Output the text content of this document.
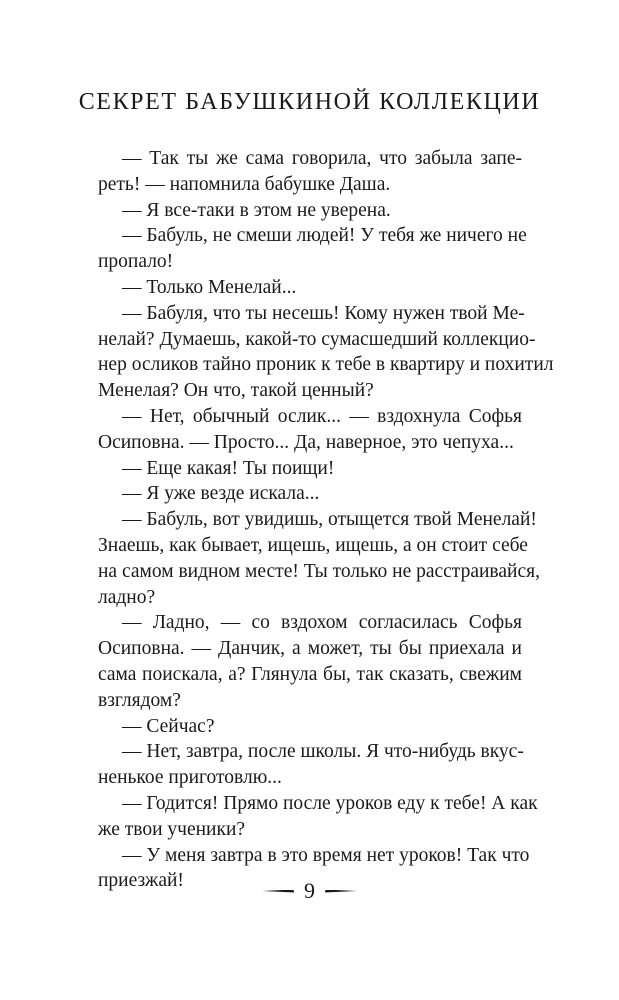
СЕКРЕТ БАБУШКИНОЙ КОЛЛЕКЦИИ
— Так ты же сама говорила, что забыла запе-
реть! — напомнила бабушке Даша.
— Я все-таки в этом не уверена.
— Бабуль, не смеши людей! У тебя же ничего не
пропало!
— Только Менелай...
— Бабуля, что ты несешь! Кому нужен твой Ме-
нелай? Думаешь, какой-то сумасшедший коллекцио-
нер осликов тайно проник к тебе в квартиру и похитил
Менелая? Он что, такой ценный?
— Нет, обычный ослик... — вздохнула Софья
Осиповна. — Просто... Да, наверное, это чепуха...
— Еще какая! Ты поищи!
— Я уже везде искала...
— Бабуль, вот увидишь, отыщется твой Менелай!
Знаешь, как бывает, ищешь, ищешь, а он стоит себе
на самом видном месте! Ты только не расстраивайся,
ладно?
— Ладно, — со вздохом согласилась Софья
Осиповна. — Данчик, а может, ты бы приехала и
сама поискала, а? Глянула бы, так сказать, свежим
взглядом?
— Сейчас?
— Нет, завтра, после школы. Я что-нибудь вкус-
ненькое приготовлю...
— Годится! Прямо после уроков еду к тебе! А как
же твои ученики?
— У меня завтра в это время нет уроков! Так что
приезжай!	9
